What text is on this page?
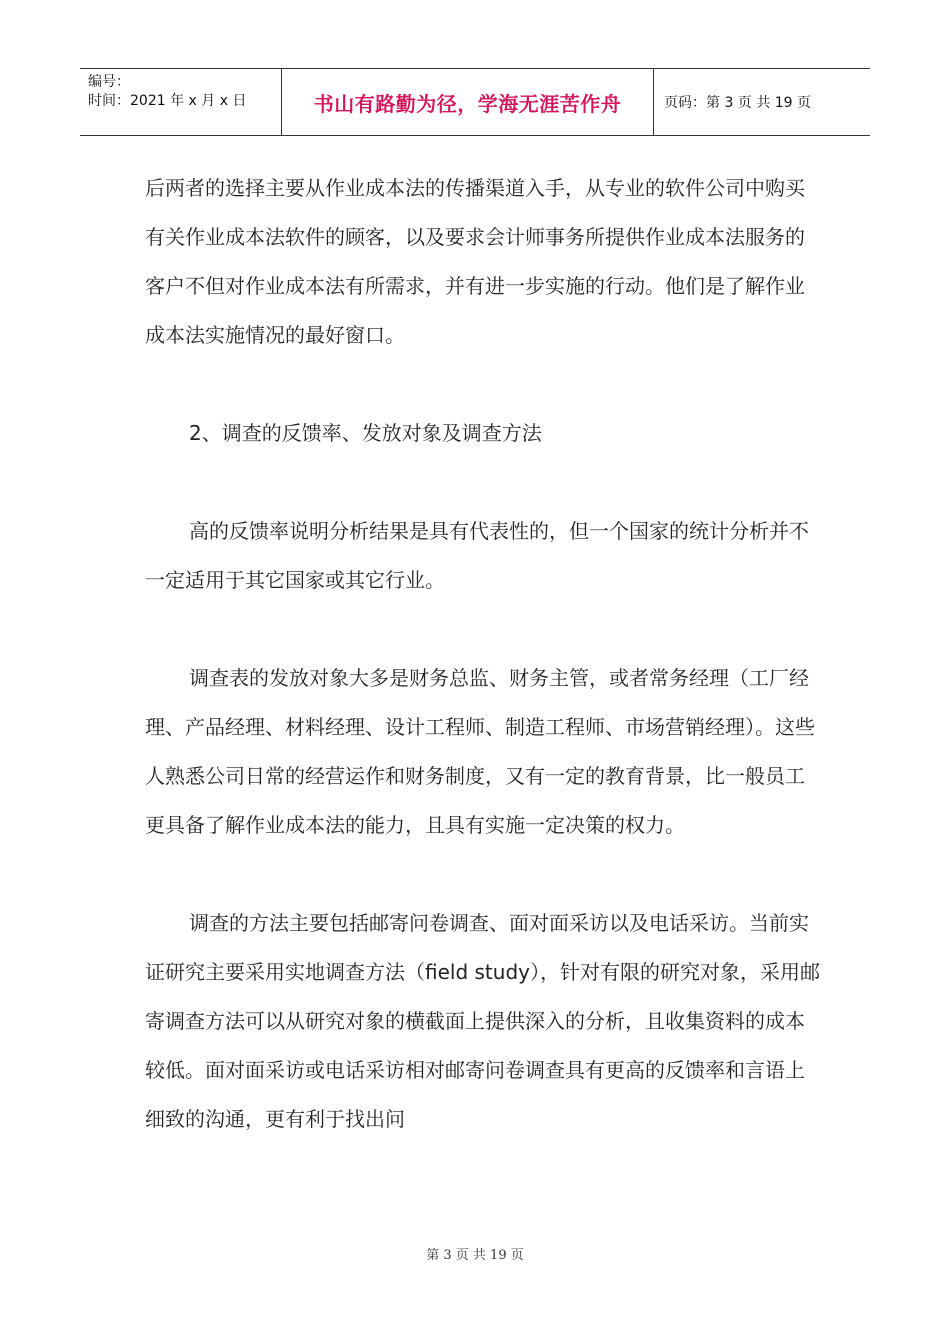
编号：
时间：2021 年 x 月 x 日	书山有路勤为径，学海无涯苦作舟	页码：第 3 页 共 19 页

后两者的选择主要从作业成本法的传播渠道入手，从专业的软件公司中购买有关作业成本法软件的顾客，以及要求会计师事务所提供作业成本法服务的客户不但对作业成本法有所需求，并有进一步实施的行动。他们是了解作业成本法实施情况的最好窗口。

2、调查的反馈率、发放对象及调查方法

高的反馈率说明分析结果是具有代表性的，但一个国家的统计分析并不一定适用于其它国家或其它行业。

调查表的发放对象大多是财务总监、财务主管，或者常务经理（工厂经理、产品经理、材料经理、设计工程师、制造工程师、市场营销经理）。这些人熟悉公司日常的经营运作和财务制度，又有一定的教育背景，比一般员工更具备了解作业成本法的能力，且具有实施一定决策的权力。

调查的方法主要包括邮寄问卷调查、面对面采访以及电话采访。当前实证研究主要采用实地调查方法（field study），针对有限的研究对象，采用邮寄调查方法可以从研究对象的横截面上提供深入的分析，且收集资料的成本较低。面对面采访或电话采访相对邮寄问卷调查具有更高的反馈率和言语上细致的沟通，更有利于找出问

第 3 页 共 19 页
